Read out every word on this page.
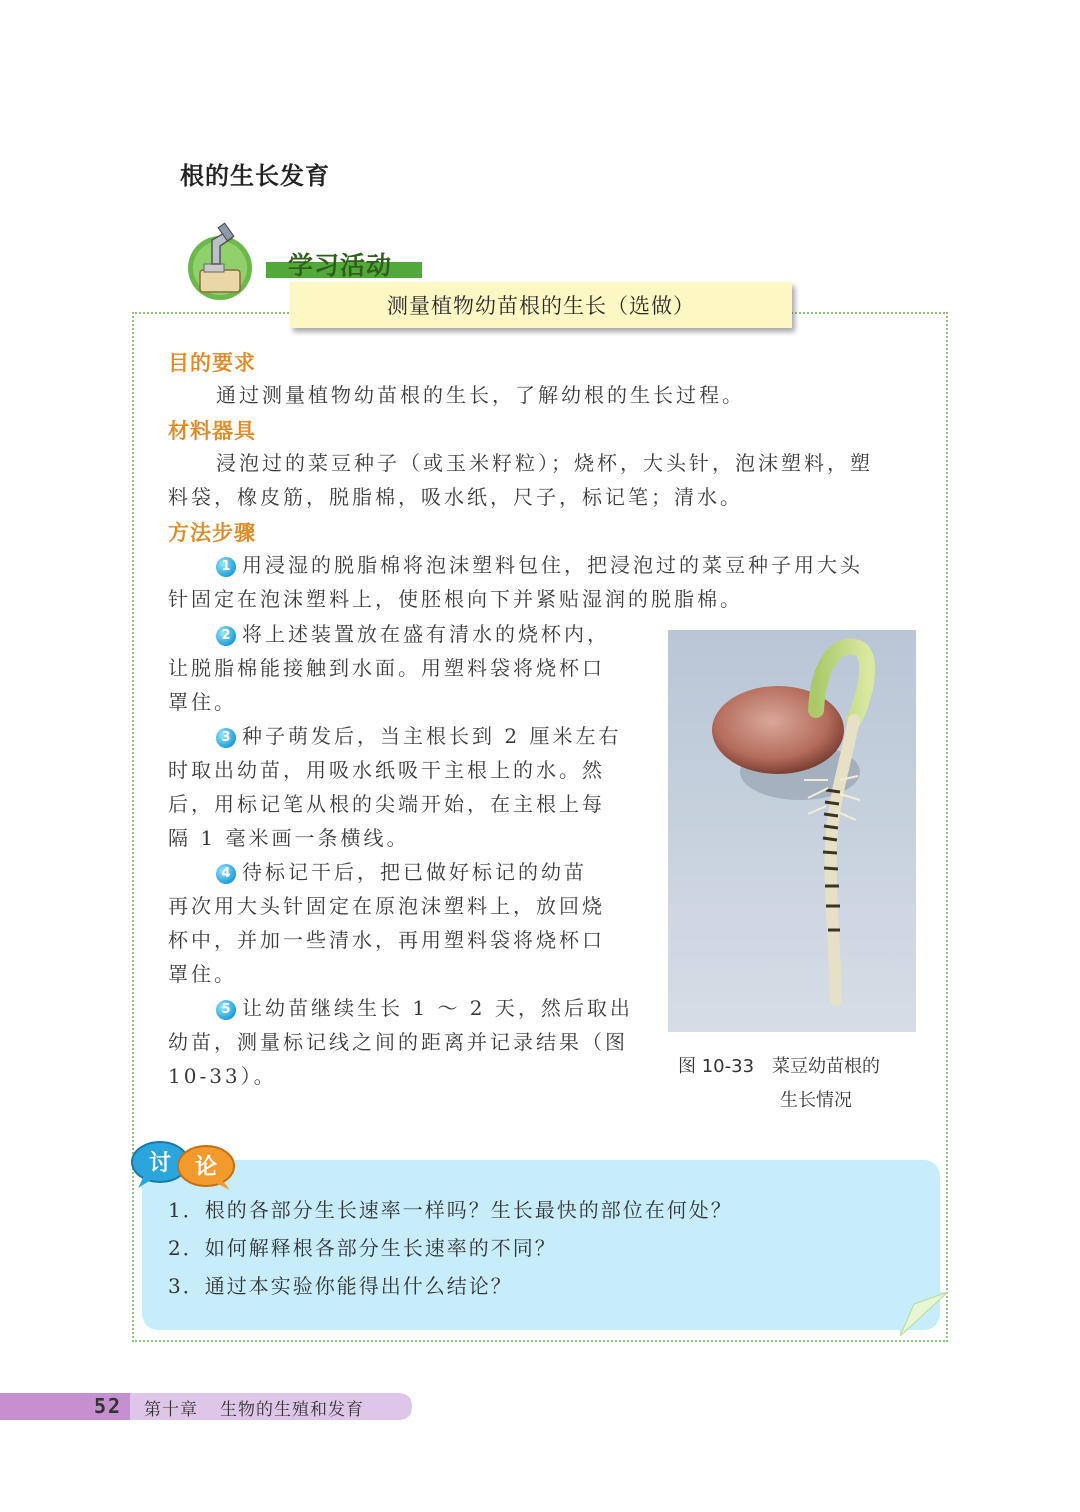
根的生长发育
学习活动
测量植物幼苗根的生长（选做）
目的要求

通过测量植物幼苗根的生长，了解幼根的生长过程。

材料器具

浸泡过的菜豆种子（或玉米籽粒）；烧杯，大头针，泡沫塑料，塑

料袋，橡皮筋，脱脂棉，吸水纸，尺子，标记笔；清水。

方法步骤

1 用浸湿的脱脂棉将泡沫塑料包住，把浸泡过的菜豆种子用大头

针固定在泡沫塑料上，使胚根向下并紧贴湿润的脱脂棉。

2 将上述装置放在盛有清水的烧杯内，

让脱脂棉能接触到水面。用塑料袋将烧杯口

罩住。

3 种子萌发后，当主根长到 2 厘米左右

时取出幼苗，用吸水纸吸干主根上的水。然

后，用标记笔从根的尖端开始，在主根上每

隔 1 毫米画一条横线。

4 待标记干后，把已做好标记的幼苗

再次用大头针固定在原泡沫塑料上，放回烧

杯中，并加一些清水，再用塑料袋将烧杯口

罩住。

5 让幼苗继续生长 1 ～ 2 天，然后取出

幼苗，测量标记线之间的距离并记录结果（图

10-33）。	图 10-33 菜豆幼苗根的
生长情况
讨 论
1．根的各部分生长速率一样吗？生长最快的部位在何处？
2．如何解释根各部分生长速率的不同？
3．通过本实验你能得出什么结论？
52 第十章 生物的生殖和发育
